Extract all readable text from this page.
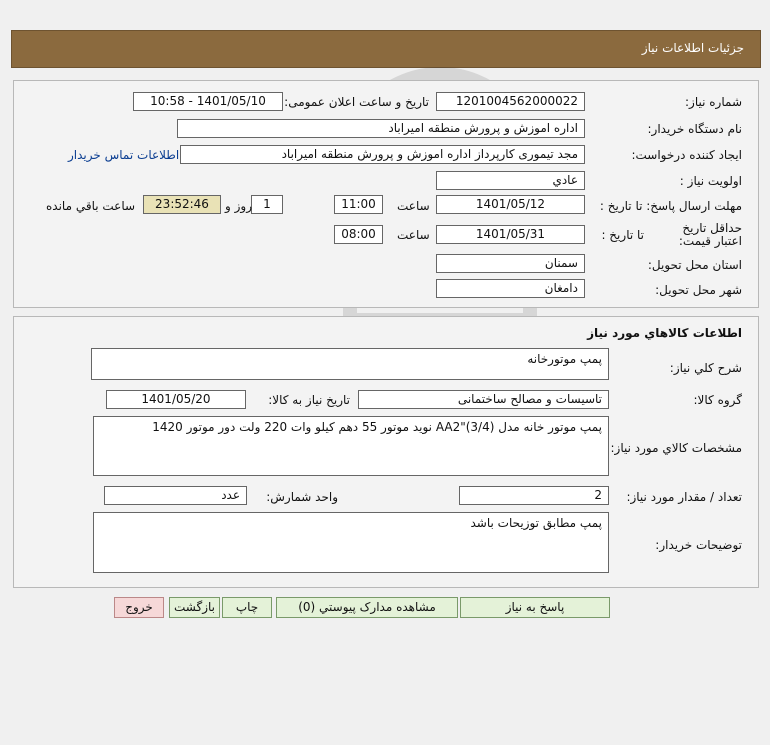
جزئیات اطلاعات نیاز
شماره نیاز:
1201004562000022
تاریخ و ساعت اعلان عمومی:
1401/05/10 - 10:58
نام دستگاه خریدار:
اداره اموزش و پرورش منطقه امیراباد
ایجاد کننده درخواست:
مجد تیموری کارپرداز اداره اموزش و پرورش منطقه امیراباد
اطلاعات تماس خریدار
اولویت نیاز :
عادي
مهلت ارسال پاسخ: تا تاریخ :
1401/05/12
ساعت
11:00
1
روز و
23:52:46
ساعت باقي مانده
حداقل تاریخ اعتبار قیمت:
تا تاریخ :
1401/05/31
ساعت
08:00
استان محل تحویل:
سمنان
شهر محل تحویل:
دامغان
اطلاعات کالاهاي مورد نياز
شرح کلي نياز:
پمپ موتورخانه
گروه کالا:
تاسیسات و مصالح ساختمانی
تاريخ نياز به کالا:
1401/05/20
مشخصات کالاي مورد نياز:
پمپ موتور خانه مدل AA2"(3/4) نوید موتور 55 دهم کیلو وات 220 ولت دور موتور 1420
تعداد / مقدار مورد نياز:
2
واحد شمارش:
عدد
توضيحات خريدار:
پمپ مطابق توزیحات باشد
پاسخ به نياز
مشاهده مدارک پيوستي (0)
چاپ
بازگشت
خروج
